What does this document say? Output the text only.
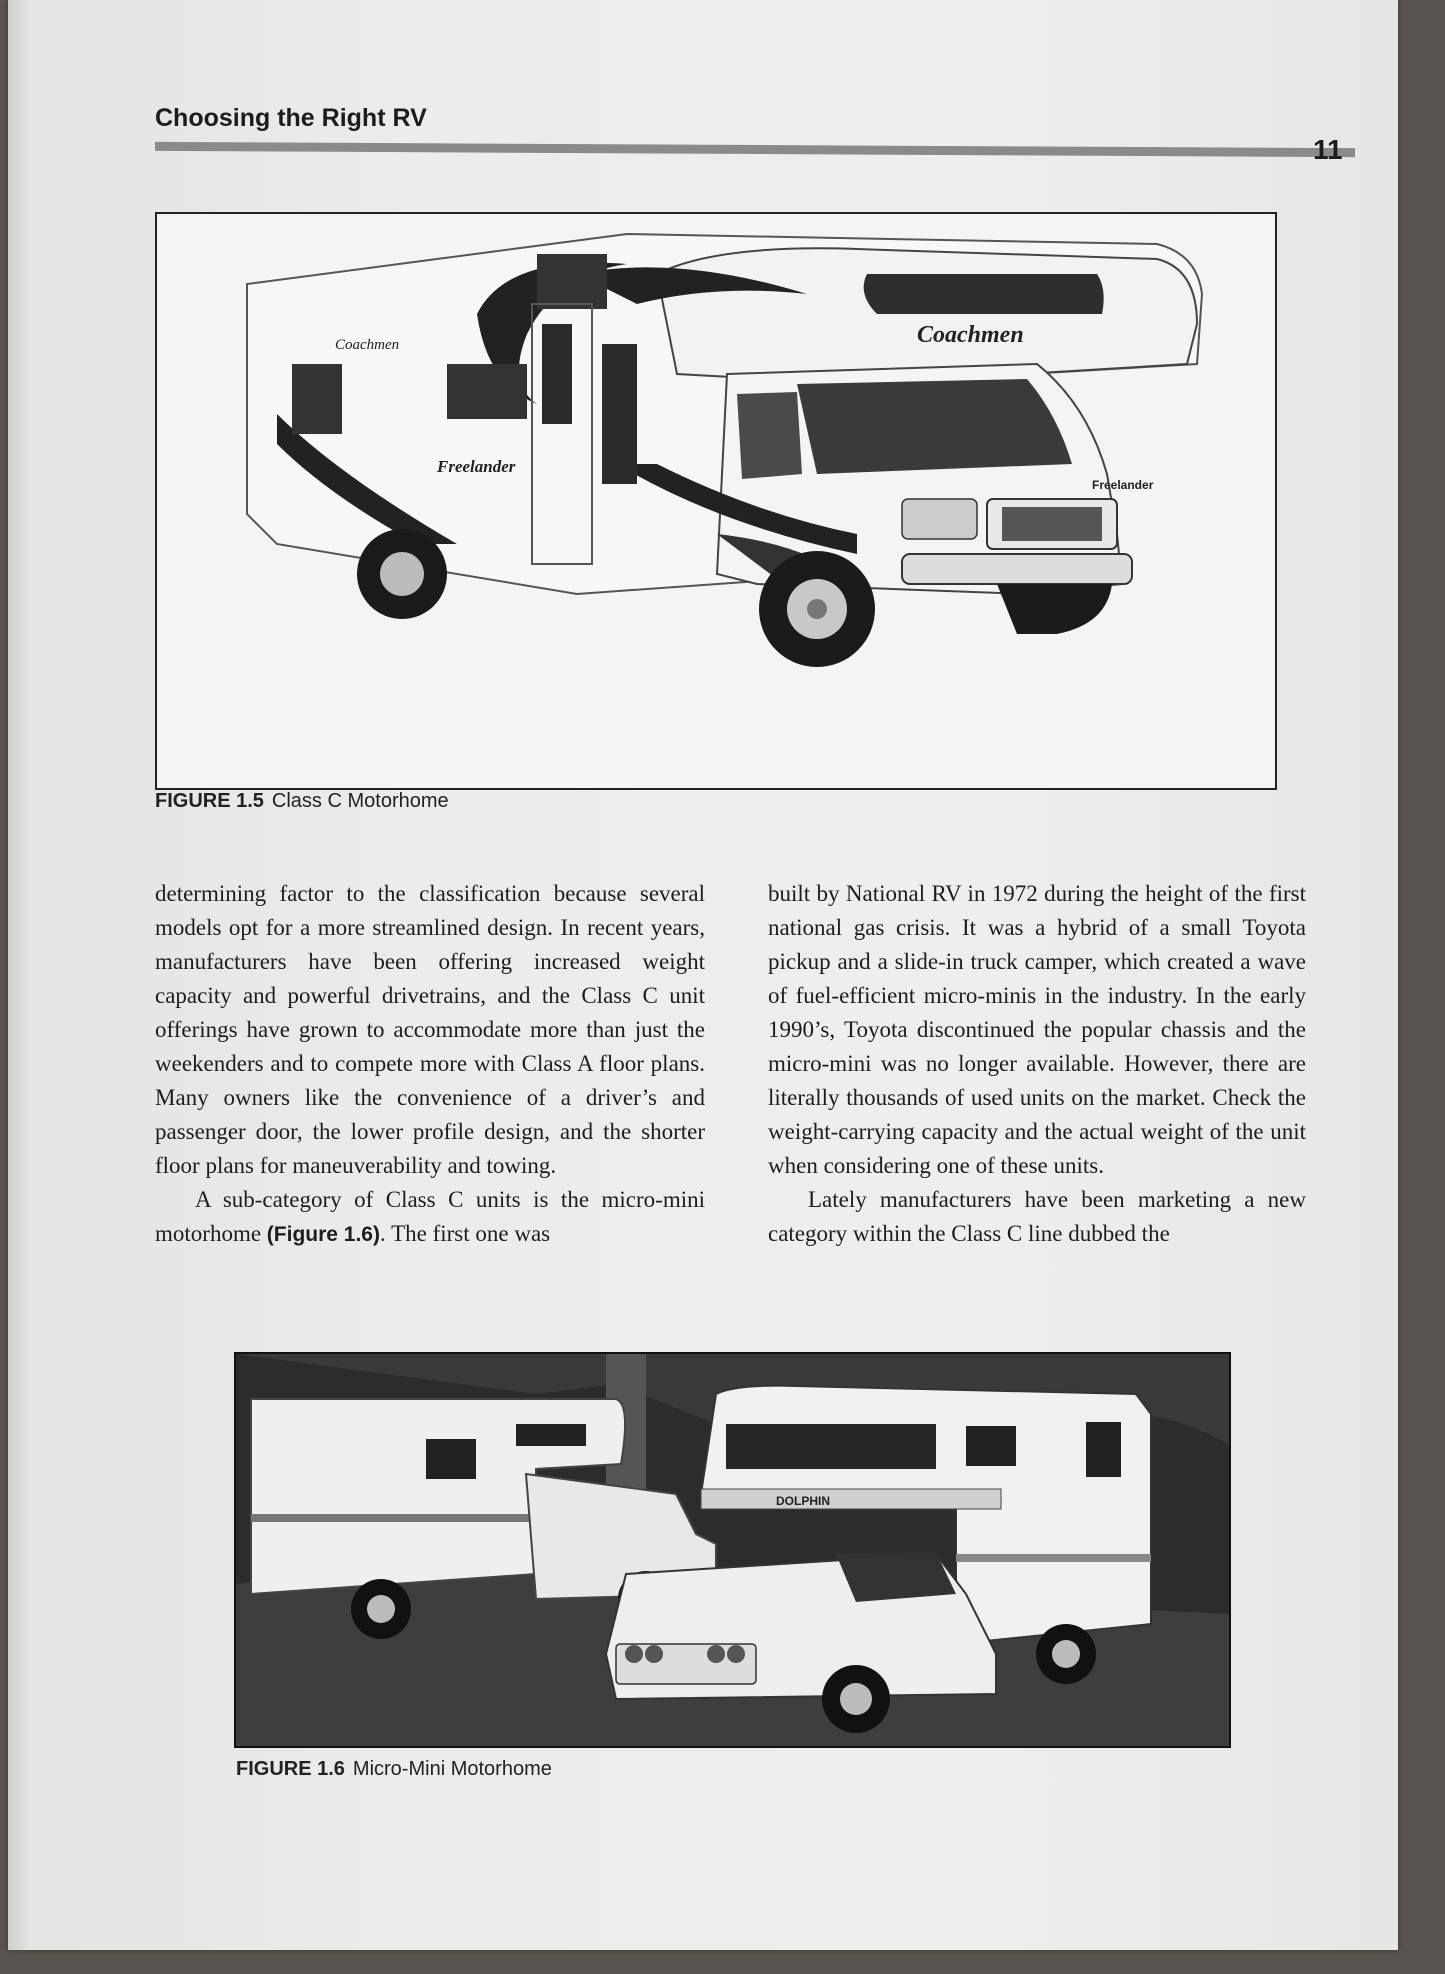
Choosing the Right RV
11
Coachmen
Coachmen
Freelander
Freelander
FIGURE 1.5 Class C Motorhome

determining factor to the classification because several models opt for a more streamlined design. In recent years, manufacturers have been offering increased weight capacity and powerful drivetrains, and the Class C unit offerings have grown to accommodate more than just the weekenders and to compete more with Class A floor plans. Many owners like the convenience of a driver’s and passenger door, the lower profile design, and the shorter floor plans for maneuverability and towing.

A sub-category of Class C units is the micro-mini motorhome (Figure 1.6). The first one was

built by National RV in 1972 during the height of the first national gas crisis. It was a hybrid of a small Toyota pickup and a slide-in truck camper, which created a wave of fuel-efficient micro-minis in the industry. In the early 1990’s, Toyota discontinued the popular chassis and the micro-mini was no longer available. However, there are literally thousands of used units on the market. Check the weight-carrying capacity and the actual weight of the unit when considering one of these units.

Lately manufacturers have been marketing a new category within the Class C line dubbed the

DOLPHIN
FIGURE 1.6 Micro-Mini Motorhome
